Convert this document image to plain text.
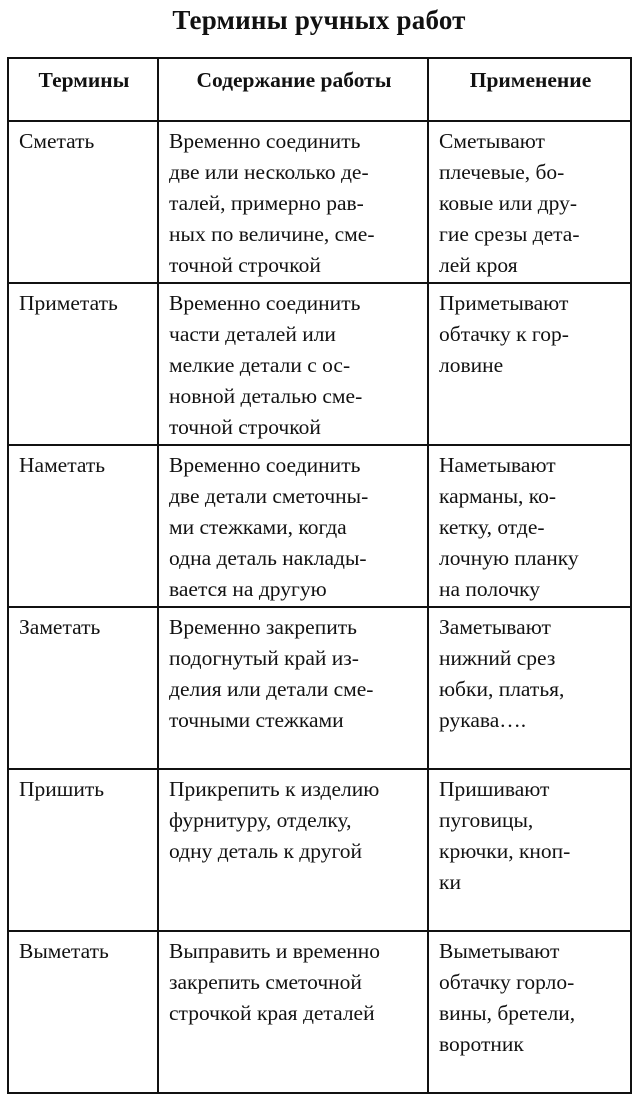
Термины ручных работ
Термины	Содержание работы	Применение
Сметать	Временно соединить
две или несколько де-
талей, примерно рав-
ных по величине, сме-
точной строчкой	Сметывают
плечевые, бо-
ковые или дру-
гие срезы дета-
лей кроя

Приметать	Временно соединить
части деталей или
мелкие детали с ос-
новной деталью сме-
точной строчкой	Приметывают
обтачку к гор-
ловине

Наметать	Временно соединить
две детали сметочны-
ми стежками, когда
одна деталь наклады-
вается на другую	Наметывают
карманы, ко-
кетку, отде-
лочную планку
на полочку

Заметать	Временно закрепить
подогнутый край из-
делия или детали сме-
точными стежками	Заметывают
нижний срез
юбки, платья,
рукава….

Пришить	Прикрепить к изделию
фурнитуру, отделку,
одну деталь к другой	Пришивают
пуговицы,
крючки, кноп-
ки

Выметать	Выправить и временно
закрепить сметочной
строчкой края деталей	Выметывают
обтачку горло-
вины, бретели,
воротник
